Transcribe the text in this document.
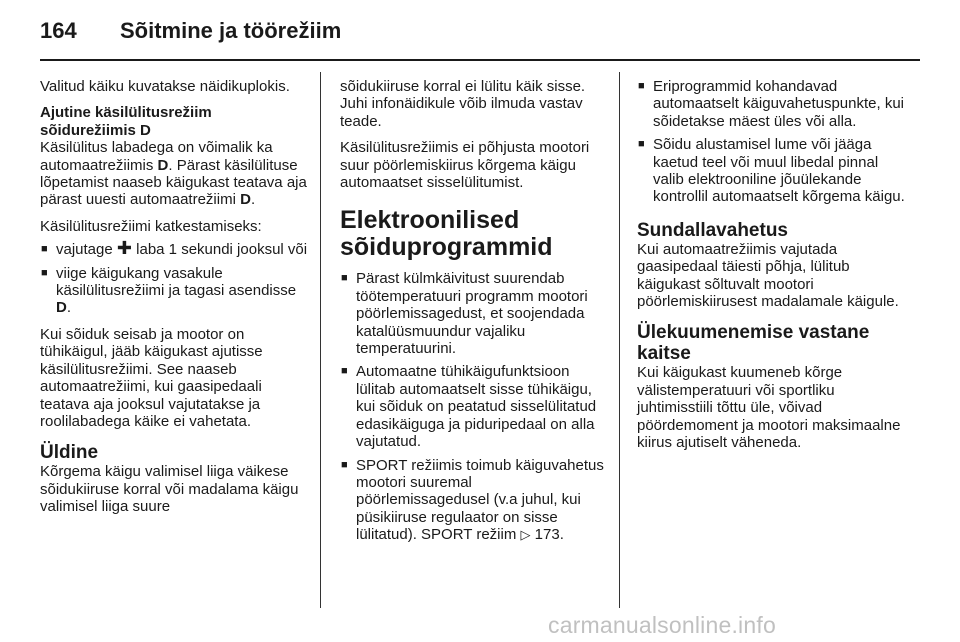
164 Sõitmine ja töörežiim

Valitud käiku kuvatakse näidikuplokis.

Ajutine käsilülitusrežiim sõidurežiimis D

Käsilülitus labadega on võimalik ka automaatrežiimis D. Pärast käsilülituse lõpetamist naaseb käigukast teatava aja pärast uuesti automaatrežiimi D.

Käsilülitusrežiimi katkestamiseks:

■ vajutage ✚ laba 1 sekundi jooksul või
■ viige käigukang vasakule käsilülitusrežiimi ja tagasi asendisse D.

Kui sõiduk seisab ja mootor on tühikäigul, jääb käigukast ajutisse käsilülitusrežiimi. See naaseb automaatrežiimi, kui gaasipedaali teatava aja jooksul vajutatakse ja roolilabadega käike ei vahetata.

Üldine

Kõrgema käigu valimisel liiga väikese sõidukiiruse korral või madalama käigu valimisel liiga suure

sõidukiiruse korral ei lülitu käik sisse. Juhi infonäidikule võib ilmuda vastav teade.

Käsilülitusrežiimis ei põhjusta mootori suur pöörlemiskiirus kõrgema käigu automaatset sisselülitumist.

Elektroonilised sõiduprogrammid
■ Pärast külmkäivitust suurendab töötemperatuuri programm mootori pöörlemissagedust, et soojendada katalüüsmuundur vajaliku temperatuurini.
■ Automaatne tühikäigufunktsioon lülitab automaatselt sisse tühikäigu, kui sõiduk on peatatud sisselülitatud edasikäiguga ja piduripedaal on alla vajutatud.
■ SPORT režiimis toimub käiguvahetus mootori suuremal pöörlemissagedusel (v.a juhul, kui püsikiiruse regulaator on sisse lülitatud). SPORT režiim ▷ 173.
■ Eriprogrammid kohandavad automaatselt käiguvahetuspunkte, kui sõidetakse mäest üles või alla.
■ Sõidu alustamisel lume või jääga kaetud teel või muul libedal pinnal valib elektrooniline jõuülekande kontrollil automaatselt kõrgema käigu.
Sundallavahetus

Kui automaatrežiimis vajutada gaasipedaal täiesti põhja, lülitub käigukast sõltuvalt mootori pöörlemiskiirusest madalamale käigule.

Ülekuumenemise vastane kaitse

Kui käigukast kuumeneb kõrge välistemperatuuri või sportliku juhtimisstiili tõttu üle, võivad pöördemoment ja mootori maksimaalne kiirus ajutiselt väheneda.

carmanualsonline.info
